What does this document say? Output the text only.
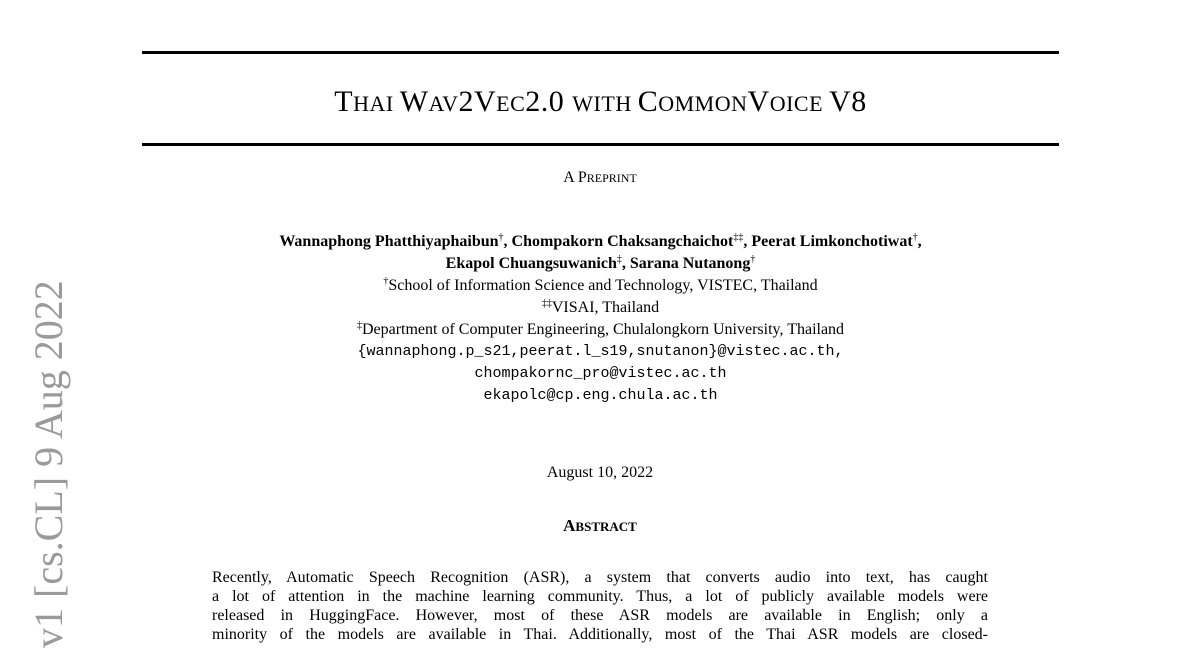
THAI WAV2VEC2.0 WITH COMMONVOICE V8
A PREPRINT
Wannaphong Phatthiyaphaibun†, Chompakorn Chaksangchaichot‡‡, Peerat Limkonchotiwat†,
Ekapol Chuangsuwanich‡, Sarana Nutanong†
†School of Information Science and Technology, VISTEC, Thailand
‡‡VISAI, Thailand
‡Department of Computer Engineering, Chulalongkorn University, Thailand
{wannaphong.p_s21,peerat.l_s19,snutanon}@vistec.ac.th,
chompakornc_pro@vistec.ac.th
ekapolc@cp.eng.chula.ac.th
August 10, 2022
ABSTRACT
Recently, Automatic Speech Recognition (ASR), a system that converts audio into text, has caught
a lot of attention in the machine learning community. Thus, a lot of publicly available models were
released in HuggingFace. However, most of these ASR models are available in English; only a
minority of the models are available in Thai. Additionally, most of the Thai ASR models are closed-
v1 [cs.CL] 9 Aug 2022
